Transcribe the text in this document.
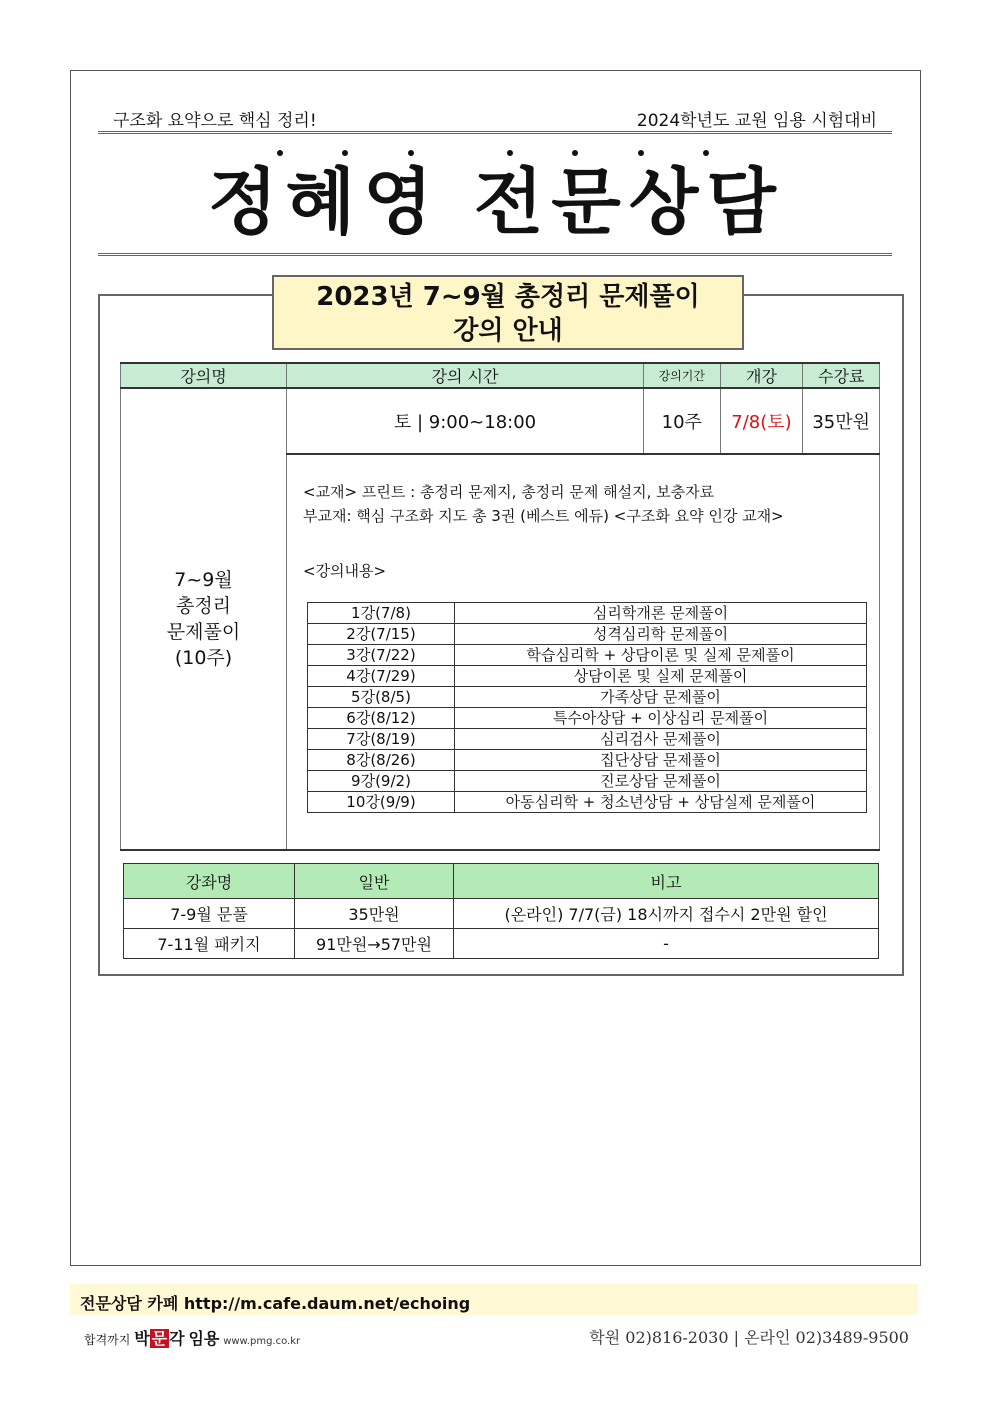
구조화 요약으로 핵심 정리!	2024학년도 교원 임용 시험대비
정혜영 전문상담
2023년 7~9월 총정리 문제풀이
강의 안내
강의명	강의 시간	강의기간	개강	수강료

7~9월
총정리
문제풀이
(10주)
	토 | 9:00~18:00	10주	7/8(토)	35만원

<교재> 프린트 : 총정리 문제지, 총정리 문제 해설지, 보충자료
부교재: 핵심 구조화 지도 총 3권 (베스트 에듀) <구조화 요약 인강 교재>
<강의내용>
1강(7/8)	심리학개론 문제풀이
2강(7/15)	성격심리학 문제풀이
3강(7/22)	학습심리학 + 상담이론 및 실제 문제풀이
4강(7/29)	상담이론 및 실제 문제풀이
5강(8/5)	가족상담 문제풀이
6강(8/12)	특수아상담 + 이상심리 문제풀이
7강(8/19)	심리검사 문제풀이
8강(8/26)	집단상담 문제풀이
9강(9/2)	진로상담 문제풀이
10강(9/9)	아동심리학 + 청소년상담 + 상담실제 문제풀이
강좌명	일반	비고
7-9월 문풀	35만원	(온라인) 7/7(금) 18시까지 접수시 2만원 할인
7-11월 패키지	91만원→57만원	-
전문상담 카페 http://m.cafe.daum.net/echoing
합격까지 박 문 각 임용 www.pmg.co.kr	학원 02)816-2030 | 온라인 02)3489-9500
